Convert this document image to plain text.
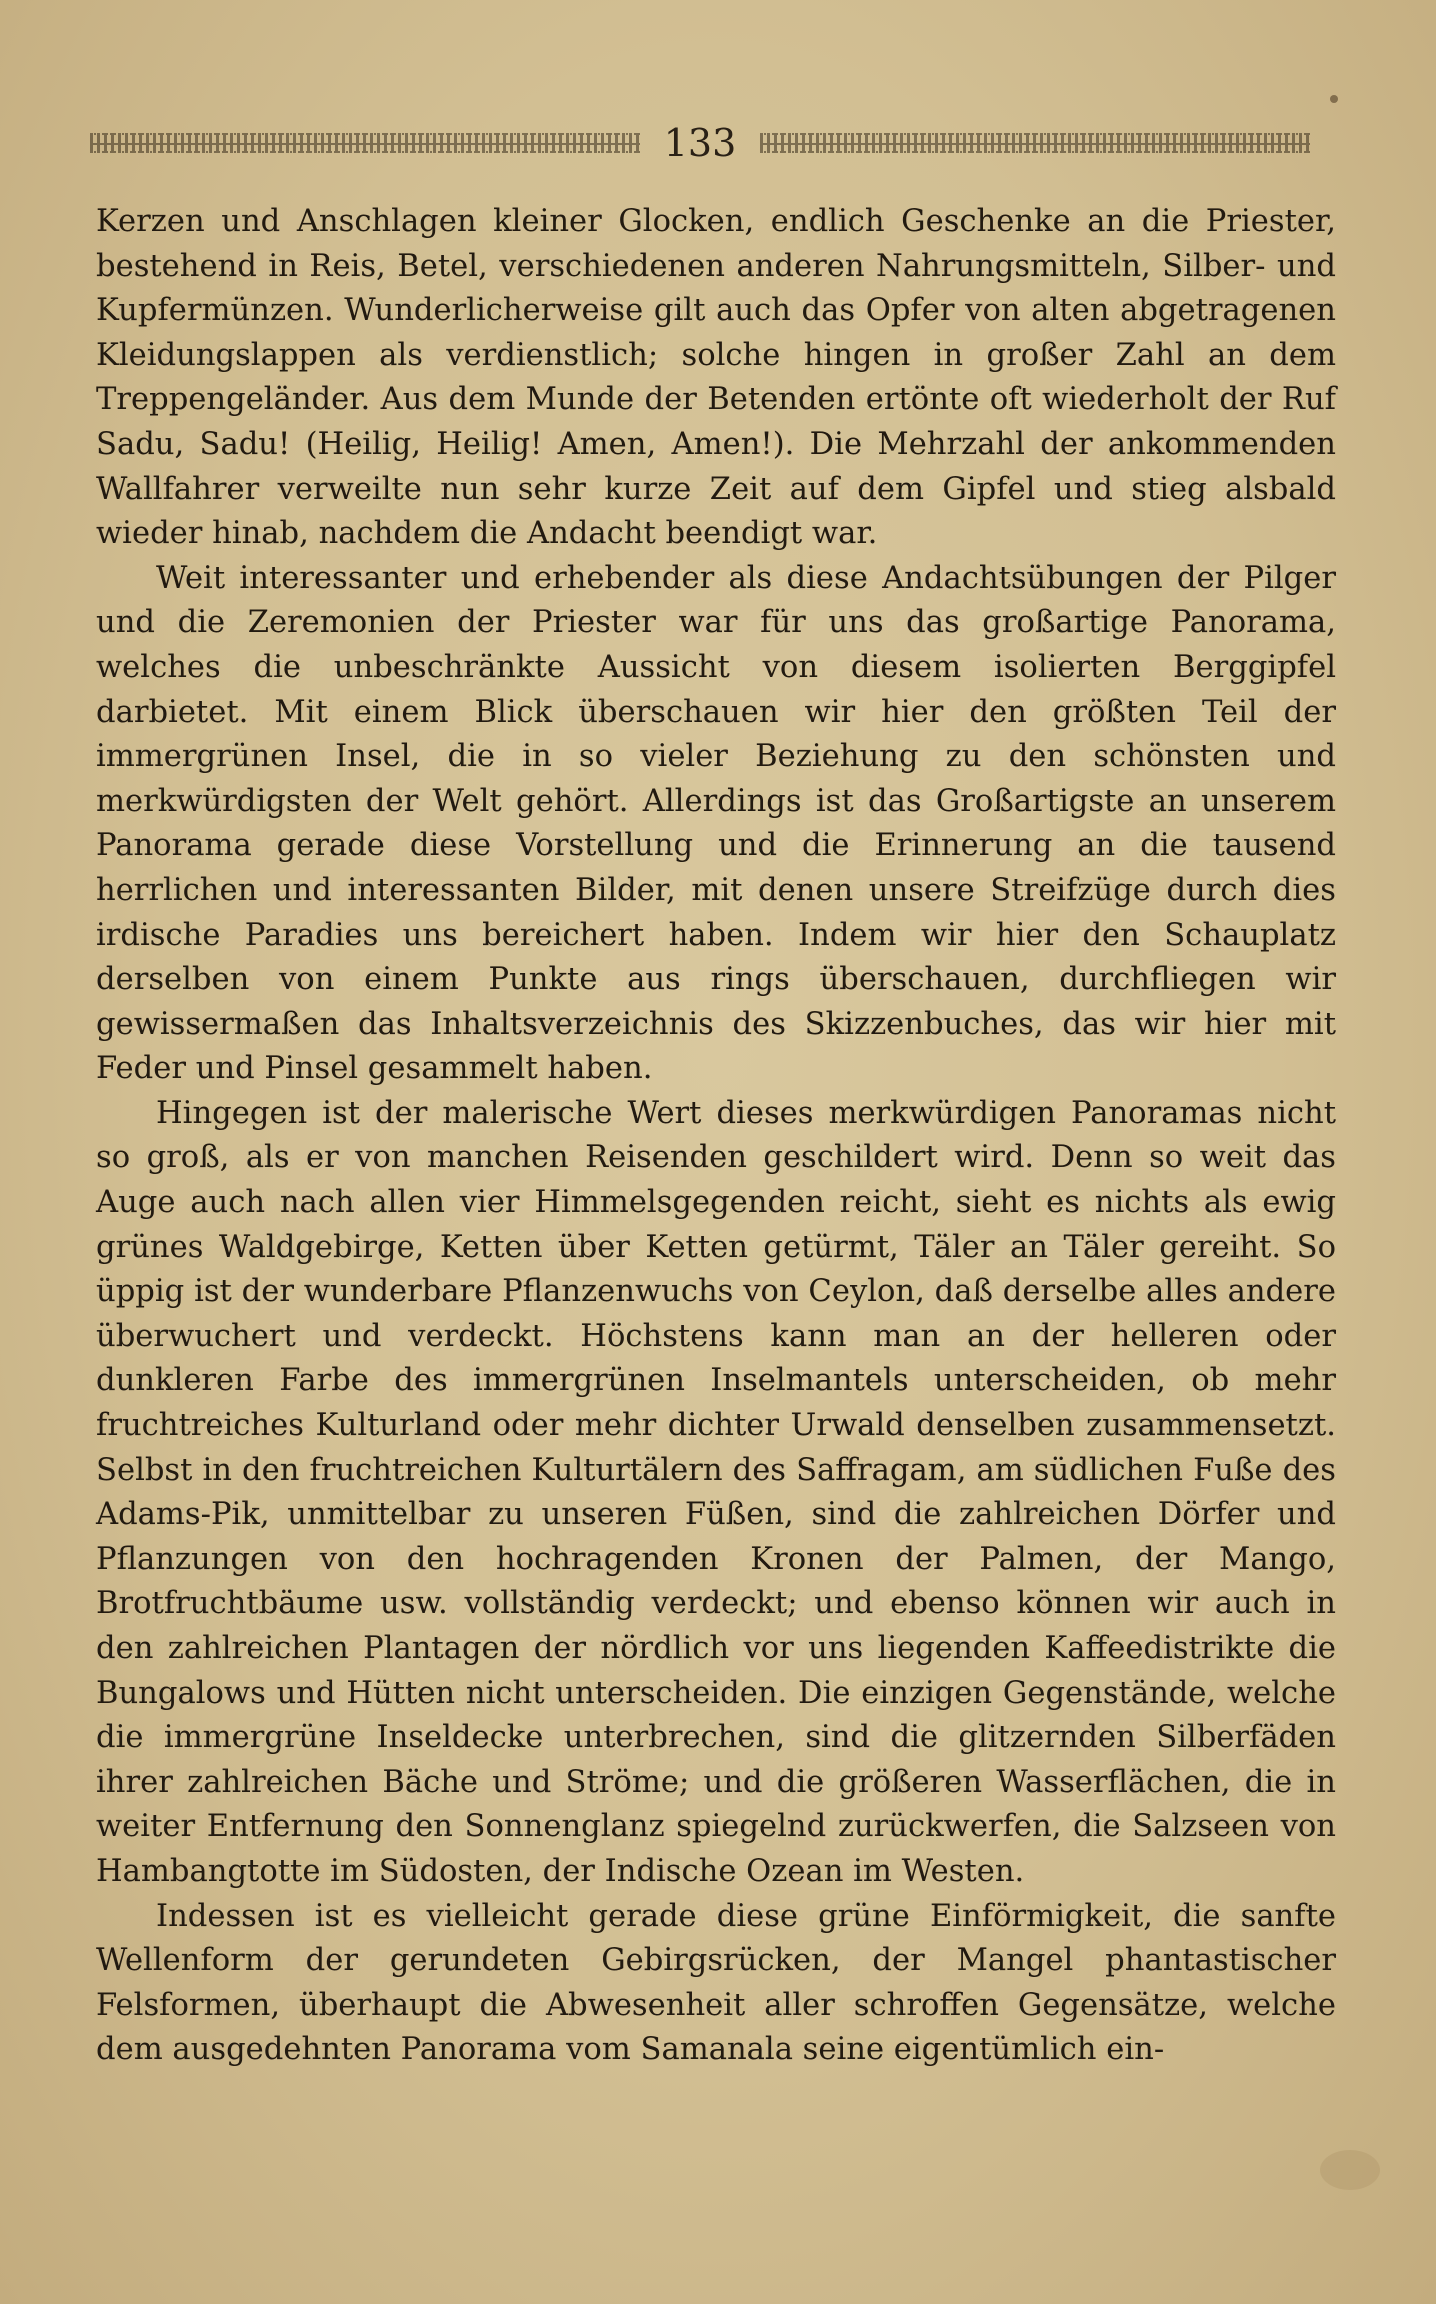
133

Kerzen und Anschlagen kleiner Glocken, endlich Geschenke an die Priester, bestehend in Reis, Betel, verschiedenen anderen Nahrungsmitteln, Silber- und Kupfermünzen. Wunderlicherweise gilt auch das Opfer von alten abgetragenen Kleidungslappen als verdienstlich; solche hingen in großer Zahl an dem Treppengeländer. Aus dem Munde der Betenden ertönte oft wiederholt der Ruf Sadu, Sadu! (Heilig, Heilig! Amen, Amen!). Die Mehrzahl der ankommenden Wallfahrer verweilte nun sehr kurze Zeit auf dem Gipfel und stieg alsbald wieder hinab, nachdem die Andacht beendigt war.

Weit interessanter und erhebender als diese Andachtsübungen der Pilger und die Zeremonien der Priester war für uns das großartige Panorama, welches die unbeschränkte Aussicht von diesem isolierten Berggipfel darbietet. Mit einem Blick überschauen wir hier den größten Teil der immergrünen Insel, die in so vieler Beziehung zu den schönsten und merkwürdigsten der Welt gehört. Allerdings ist das Großartigste an unserem Panorama gerade diese Vorstellung und die Erinnerung an die tausend herrlichen und interessanten Bilder, mit denen unsere Streifzüge durch dies irdische Paradies uns bereichert haben. Indem wir hier den Schauplatz derselben von einem Punkte aus rings überschauen, durchfliegen wir gewissermaßen das Inhaltsverzeichnis des Skizzenbuches, das wir hier mit Feder und Pinsel gesammelt haben.

Hingegen ist der malerische Wert dieses merkwürdigen Panoramas nicht so groß, als er von manchen Reisenden geschildert wird. Denn so weit das Auge auch nach allen vier Himmelsgegenden reicht, sieht es nichts als ewig grünes Waldgebirge, Ketten über Ketten getürmt, Täler an Täler gereiht. So üppig ist der wunderbare Pflanzenwuchs von Ceylon, daß derselbe alles andere überwuchert und verdeckt. Höchstens kann man an der helleren oder dunkleren Farbe des immergrünen Inselmantels unterscheiden, ob mehr fruchtreiches Kulturland oder mehr dichter Urwald denselben zusammensetzt. Selbst in den fruchtreichen Kulturtälern des Saffragam, am südlichen Fuße des Adams-Pik, unmittelbar zu unseren Füßen, sind die zahlreichen Dörfer und Pflanzungen von den hochragenden Kronen der Palmen, der Mango, Brotfruchtbäume usw. vollständig verdeckt; und ebenso können wir auch in den zahlreichen Plantagen der nördlich vor uns liegenden Kaffeedistrikte die Bungalows und Hütten nicht unterscheiden. Die einzigen Gegenstände, welche die immergrüne Inseldecke unterbrechen, sind die glitzernden Silberfäden ihrer zahlreichen Bäche und Ströme; und die größeren Wasserflächen, die in weiter Entfernung den Sonnenglanz spiegelnd zurückwerfen, die Salzseen von Hambangtotte im Südosten, der Indische Ozean im Westen.

Indessen ist es vielleicht gerade diese grüne Einförmigkeit, die sanfte Wellenform der gerundeten Gebirgsrücken, der Mangel phantastischer Felsformen, überhaupt die Abwesenheit aller schroffen Gegensätze, welche dem ausgedehnten Panorama vom Samanala seine eigentümlich ein-
